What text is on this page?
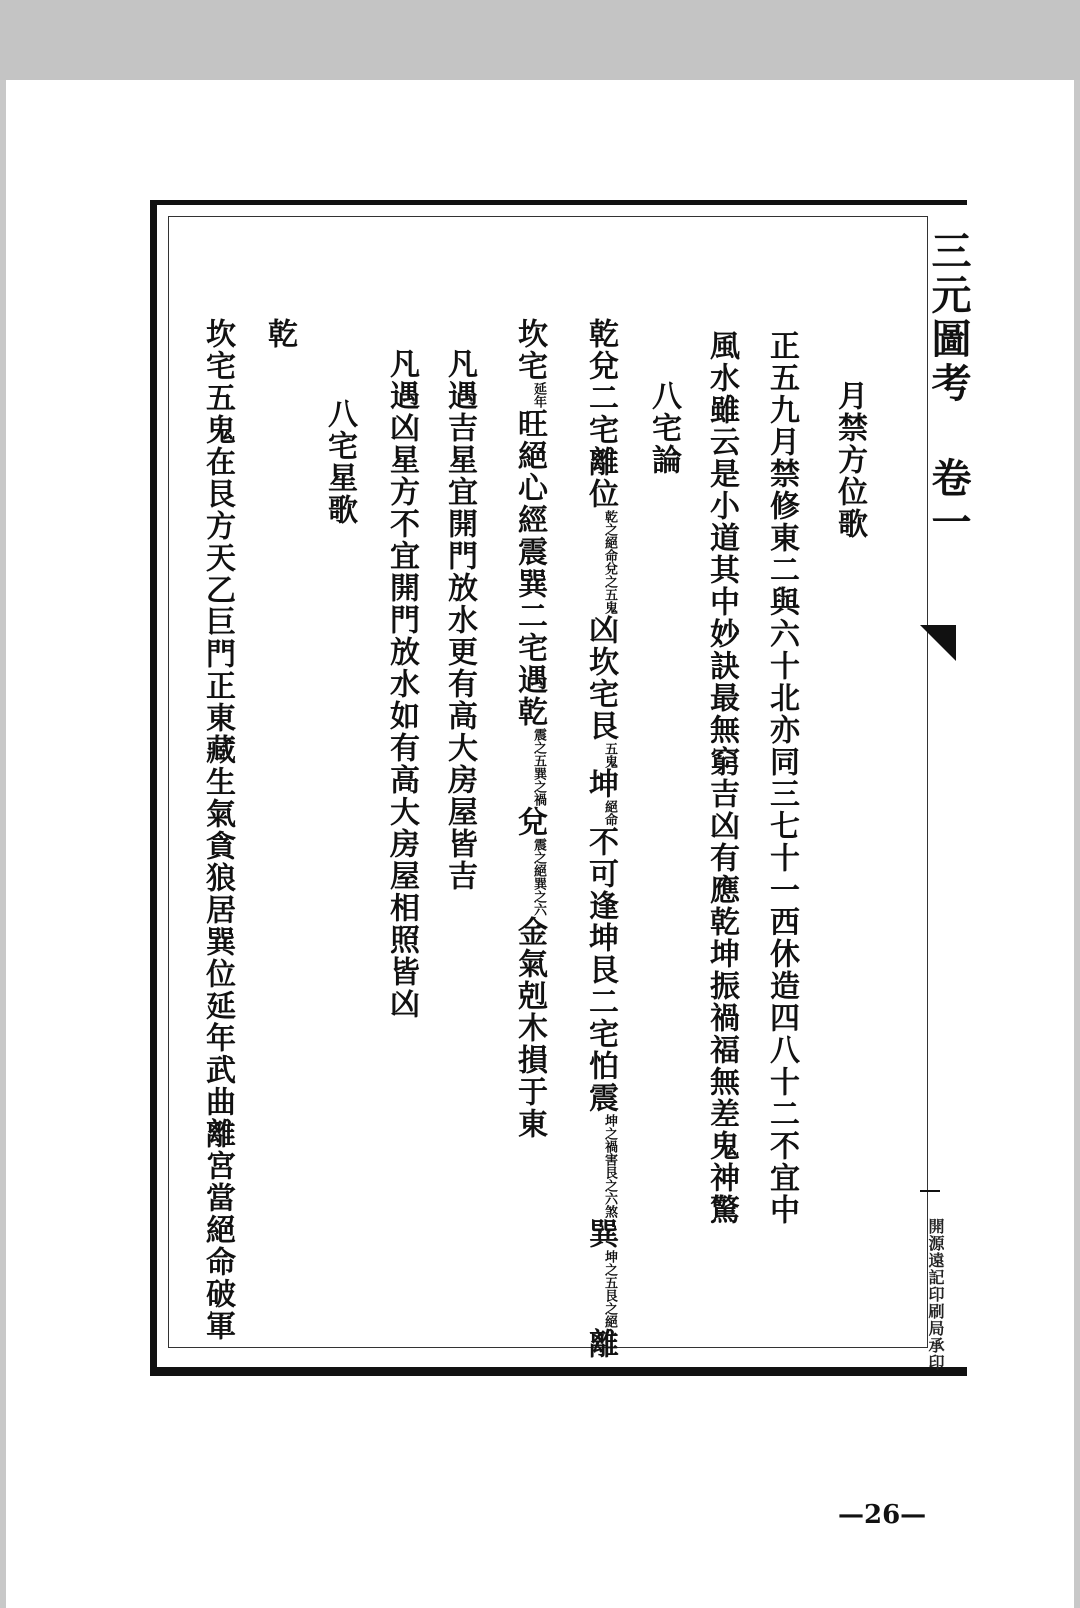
三元圖考 卷一
開源遠記印刷局承印
月禁方位歌
正五九月禁修東二與六十北亦同三七十一西休造四八十二不宜中
風水雖云是小道其中妙訣最無窮吉凶有應乾坤振禍福無差鬼神驚
八宅論
乾兌二宅離位乾之絕命兌之五鬼凶坎宅艮五鬼坤絕命不可逢坤艮二宅怕震坤之禍害艮之六煞巽坤之五艮之絕離
坎宅延年旺絕心經震巽二宅遇乾震之五巽之禍兌震之絕巽之六金氣剋木損于東
凡遇吉星宜開門放水更有高大房屋皆吉
凡遇凶星方不宜開門放水如有高大房屋相照皆凶
八宅星歌
乾
坎宅五鬼在艮方天乙巨門正東藏生氣貪狼居巽位延年武曲離宮當絕命破軍
—26—
